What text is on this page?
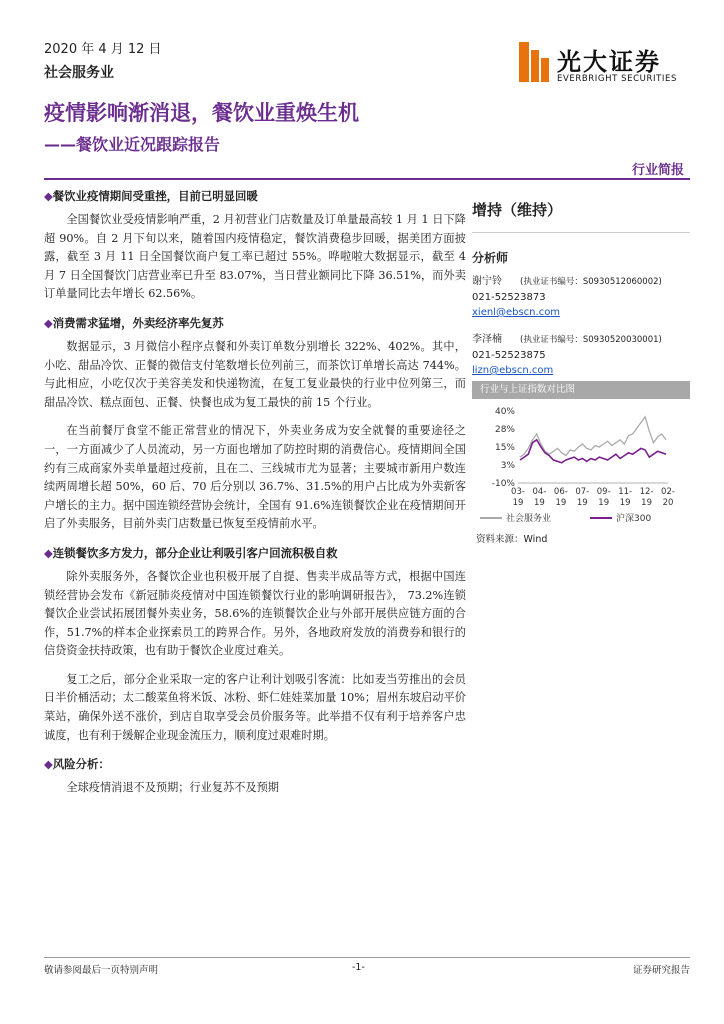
2020 年 4 月 12 日
社会服务业	光大证券
EVERBRIGHT SECURITIES
疫情影响渐消退，餐饮业重焕生机
——餐饮业近况跟踪报告
行业简报
◆餐饮业疫情期间受重挫，目前已明显回暖

全国餐饮业受疫情影响严重，2 月初营业门店数量及订单量最高较 1 月 1 日下降超 90%。自 2 月下旬以来，随着国内疫情稳定，餐饮消费稳步回暖，据美团方面披露，截至 3 月 11 日全国餐饮商户复工率已超过 55%。哗啦啦大数据显示，截至 4 月 7 日全国餐饮门店营业率已升至 83.07%，当日营业额同比下降 36.51%，而外卖订单量同比去年增长 62.56%。

◆消费需求猛增，外卖经济率先复苏

数据显示，3 月微信小程序点餐和外卖订单数分别增长 322%、402%。其中，小吃、甜品冷饮、正餐的微信支付笔数增长位列前三，而茶饮订单增长高达 744%。与此相应，小吃仅次于美容美发和快递物流，在复工复业最快的行业中位列第三，而甜品冷饮、糕点面包、正餐、快餐也成为复工最快的前 15 个行业。

在当前餐厅食堂不能正常营业的情况下，外卖业务成为安全就餐的重要途径之一，一方面减少了人员流动，另一方面也增加了防控时期的消费信心。疫情期间全国约有三成商家外卖单量超过疫前，且在二、三线城市尤为显著；主要城市新用户数连续两周增长超 50%，60 后、70 后分别以 36.7%、31.5%的用户占比成为外卖新客户增长的主力。据中国连锁经营协会统计，全国有 91.6%连锁餐饮企业在疫情期间开启了外卖服务，目前外卖门店数量已恢复至疫情前水平。

◆连锁餐饮多方发力，部分企业让利吸引客户回流积极自救

除外卖服务外，各餐饮企业也积极开展了自提、售卖半成品等方式，根据中国连锁经营协会发布《新冠肺炎疫情对中国连锁餐饮行业的影响调研报告》， 73.2%连锁餐饮企业尝试拓展团餐外卖业务，58.6%的连锁餐饮企业与外部开展供应链方面的合作，51.7%的样本企业探索员工的跨界合作。另外，各地政府发放的消费券和银行的信贷资金扶持政策，也有助于餐饮企业度过难关。

复工之后，部分企业采取一定的客户让利计划吸引客流：比如麦当劳推出的会员日半价桶活动；太二酸菜鱼将米饭、冰粉、虾仁娃娃菜加量 10%；眉州东坡启动平价菜站，确保外送不涨价，到店自取享受会员价服务等。此举措不仅有利于培养客户忠诚度，也有利于缓解企业现金流压力，顺利度过艰难时期。

◆风险分析：

全球疫情消退不及预期；行业复苏不及预期

增持（维持）
分析师
谢宁铃 (执业证书编号：S0930512060002)
021-52523873
xienl@ebscn.com
李泽楠 (执业证书编号：S0930520030001)
021-52523875
lizn@ebscn.com
行业与上证指数对比图
40%
28%
15%
3%
-10%
03-
19
04-
19
06-
19
07-
19
09-
19
11-
19
12-
19
02-
20
社会服务业	沪深300
资料来源：Wind
敬请参阅最后一页特别声明	-1-	证券研究报告
